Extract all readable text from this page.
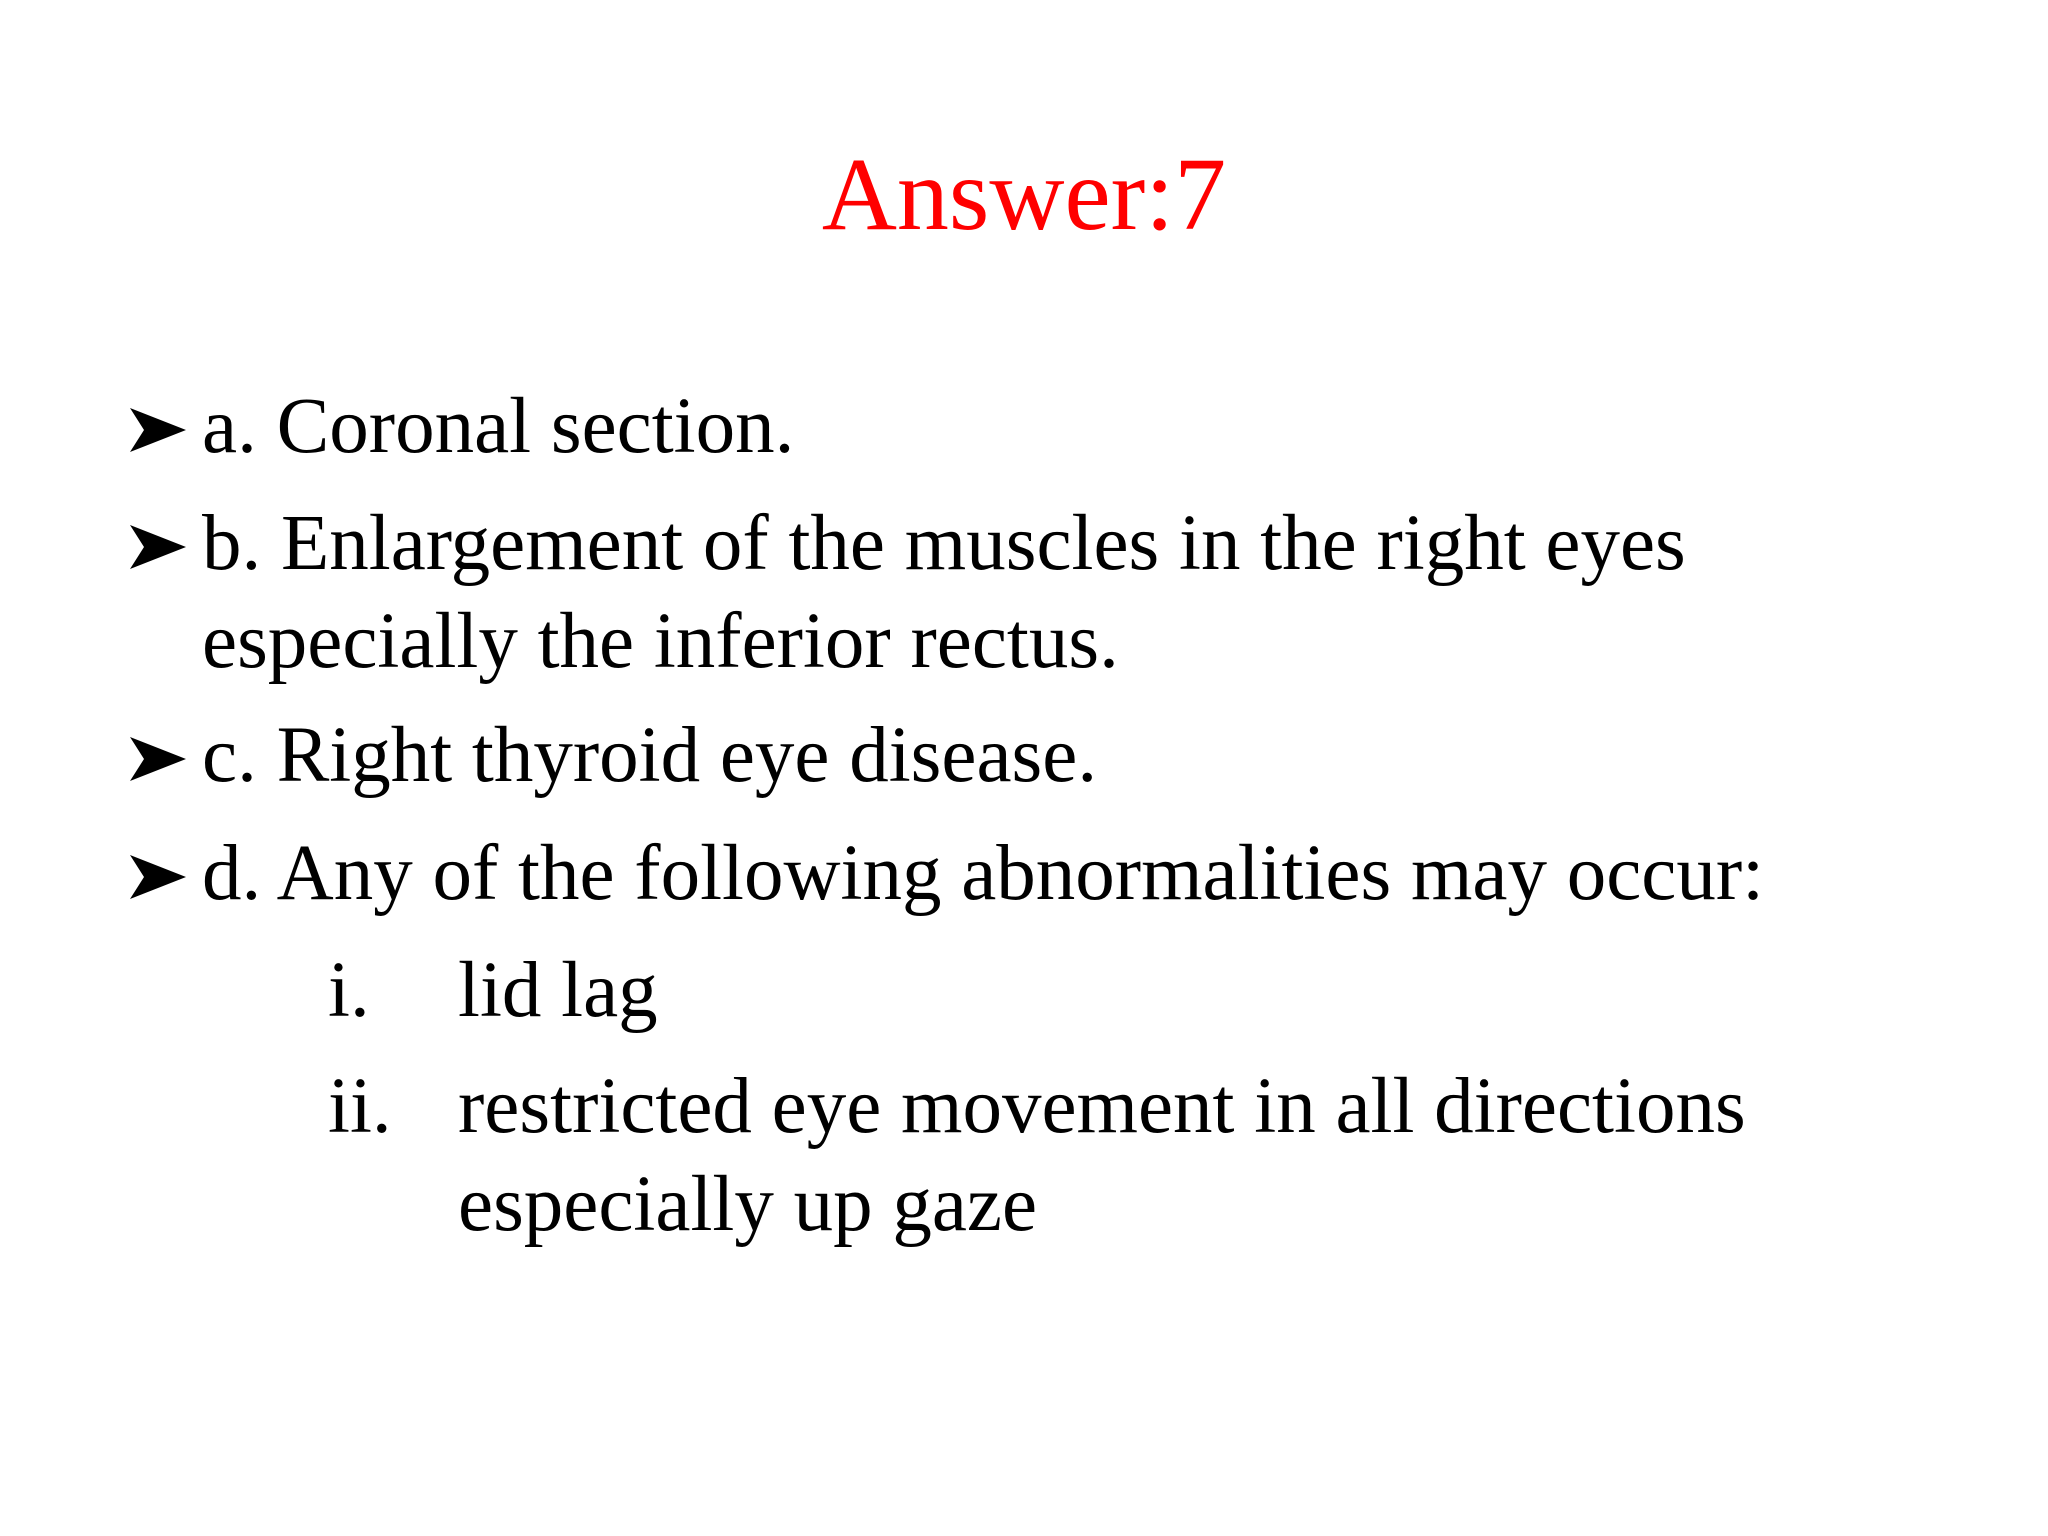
Answer:7
a. Coronal section.
b. Enlargement of the muscles in the right eyes
especially the inferior rectus.
c. Right thyroid eye disease.
d. Any of the following abnormalities may occur:
i. lid lag
ii. restricted eye movement in all directions
especially up gaze
